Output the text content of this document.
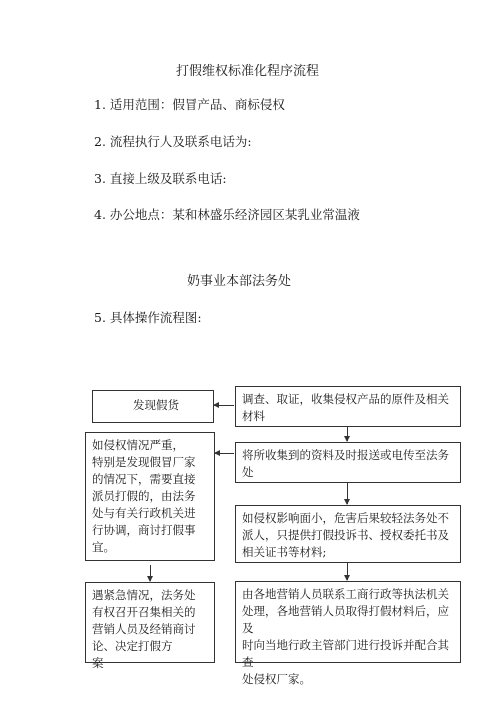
打假维权标准化程序流程
1. 适用范围：假冒产品、商标侵权
2. 流程执行人及联系电话为:
3. 直接上级及联系电话:
4. 办公地点：某和林盛乐经济园区某乳业常温液
奶事业本部法务处
5. 具体操作流程图:
发现假货	调查、取证，收集侵权产品的原件及相关
材料
将所收集到的资料及时报送或电传至法务
处
如侵权影响面小，危害后果较轻法务处不
派人，只提供打假投诉书、授权委托书及
相关证书等材料;
由各地营销人员联系工商行政等执法机关
处理，各地营销人员取得打假材料后，应及
时向当地行政主管部门进行投诉并配合其查
处侵权厂家。
如侵权情况严重，
特别是发现假冒厂家
的情况下，需要直接
派员打假的，由法务
处与有关行政机关进
行协调，商讨打假事
宜。
遇紧急情况，法务处
有权召开召集相关的
营销人员及经销商讨
论、决定打假方
案
